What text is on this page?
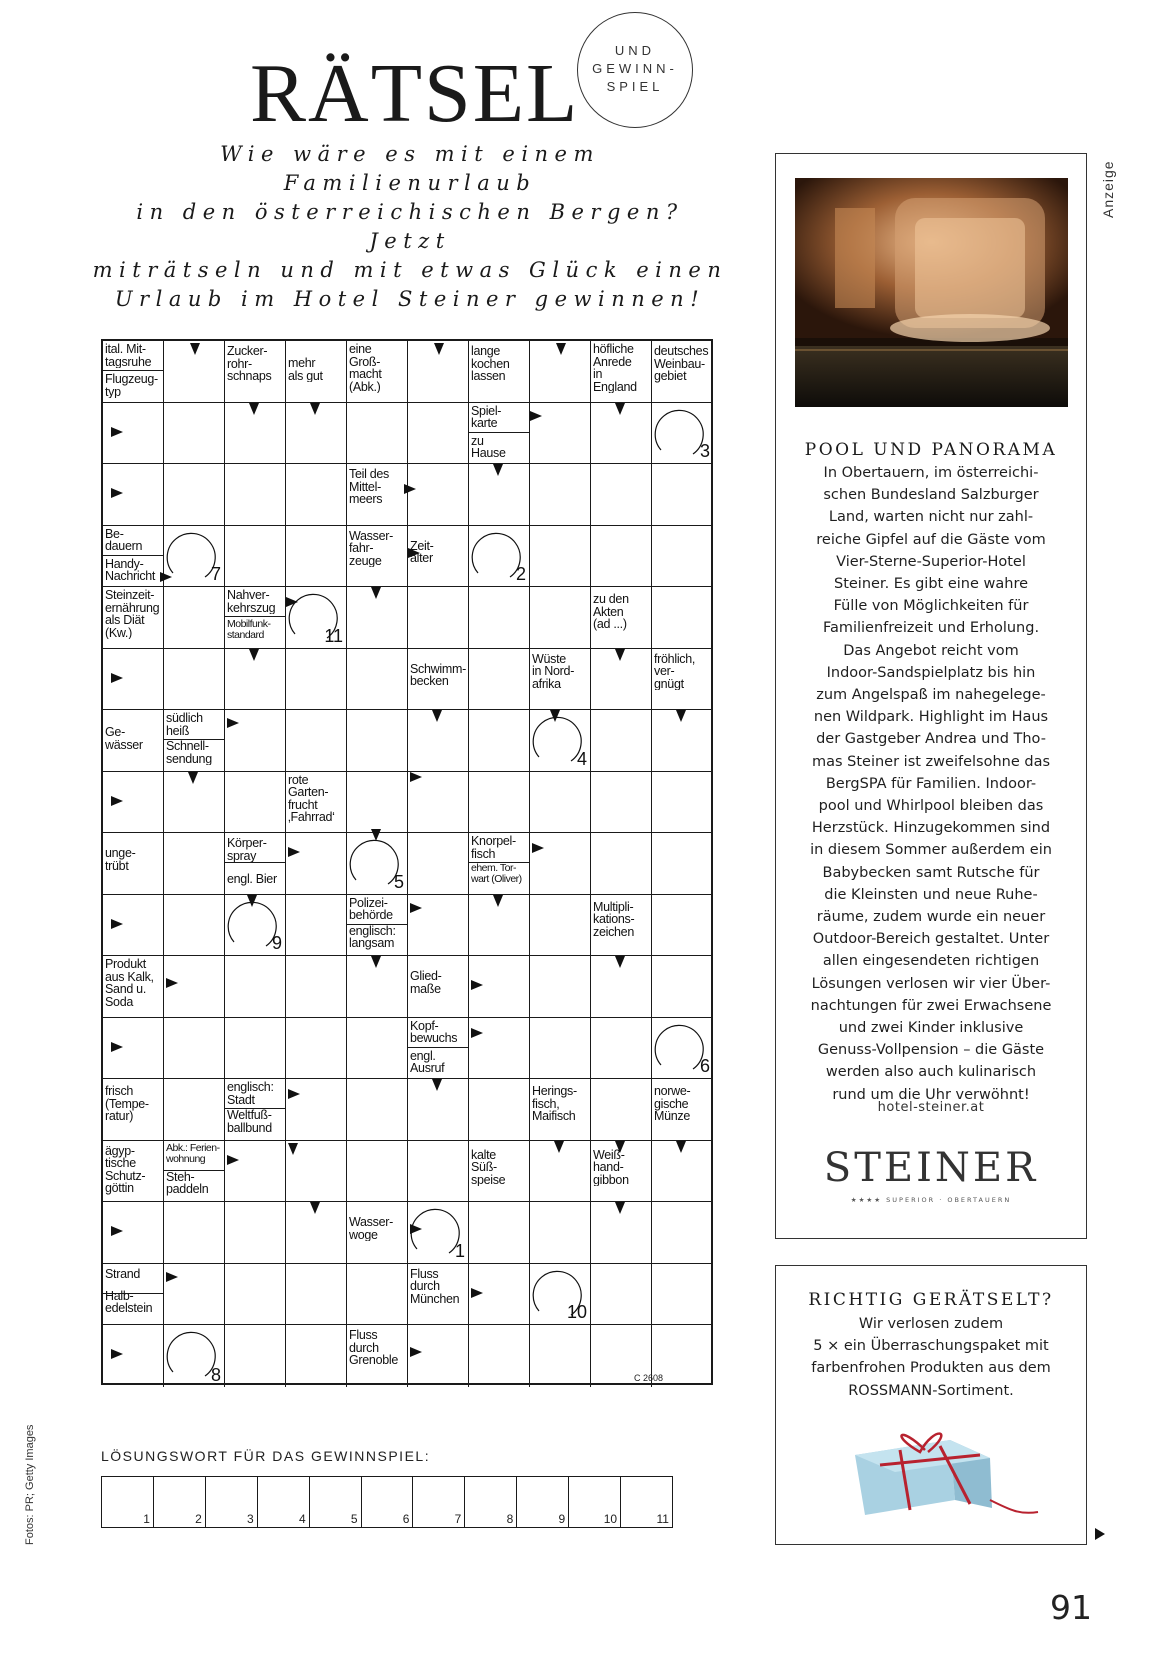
RÄTSEL	UND
GEWINN-
SPIEL
Wie wäre es mit einem Familienurlaub
in den österreichischen Bergen? Jetzt
miträtseln und mit etwas Glück einen
Urlaub im Hotel Steiner gewinnen!
ital. Mit-
tagsruhe
Flugzeug-
typ
Zucker-
rohr-
schnaps
mehr
als gut
eine
Groß-
macht
(Abk.)
lange
kochen
lassen
höfliche
Anrede
in
England
deutsches
Weinbau-
gebiet
Spiel-
karte
zu
Hause	3
Teil des
Mittel-
meers
Be-
dauern
Handy-
Nachricht	7
Wasser-
fahr-
zeuge
Zeit-
alter
2
Steinzeit-
ernährung
als Diät
(Kw.)
Nahver-
kehrszug
Mobilfunk-
standard	11
zu den
Akten
(ad ...)
Schwimm-
becken
Wüste
in Nord-
afrika
fröhlich,
ver-
gnügt
Ge-
wässer
südlich
heiß
Schnell-
sendung	4
rote
Garten-
frucht
‚Fahrrad‘
unge-
trübt
Körper-
spray
engl. Bier	5
Knorpel-
fisch
ehem. Tor-
wart (Oliver)
9
Polizei-
behörde
englisch:
langsam
Multipli-
kations-
zeichen
Produkt
aus Kalk,
Sand u.
Soda
Glied-
maße
Kopf-
bewuchs
engl.
Ausruf	6
frisch
(Tempe-
ratur)
englisch:
Stadt
Weltfuß-
ballbund
Herings-
fisch,
Maifisch
norwe-
gische
Münze
ägyp-
tische
Schutz-
göttin
Abk.: Ferien-
wohnung
Steh-
paddeln
kalte
Süß-
speise
Weiß-
hand-
gibbon
Wasser-
woge
1
Strand
Halb-
edelstein
Fluss
durch
München
10
8
Fluss
durch
Grenoble
C 2608
LÖSUNGSWORT FÜR DAS GEWINNSPIEL:
1	2	3	4	5	6	7	8	9	10	11
Fotos: PR; Getty Images
Anzeige
POOL UND PANORAMA
In Obertauern, im österreichi-
schen Bundesland Salzburger
Land, warten nicht nur zahl-
reiche Gipfel auf die Gäste vom
Vier-Sterne-Superior-Hotel
Steiner. Es gibt eine wahre
Fülle von Möglichkeiten für
Familienfreizeit und Erholung.
Das Angebot reicht vom
Indoor-Sandspielplatz bis hin
zum Angelspaß im nahegelege-
nen Wildpark. Highlight im Haus
der Gastgeber Andrea und Tho-
mas Steiner ist zweifelsohne das
BergSPA für Familien. Indoor-
pool und Whirlpool bleiben das
Herzstück. Hinzugekommen sind
in diesem Sommer außerdem ein
Babybecken samt Rutsche für
die Kleinsten und neue Ruhe-
räume, zudem wurde ein neuer
Outdoor-Bereich gestaltet. Unter
allen eingesendeten richtigen
Lösungen verlosen wir vier Über-
nachtungen für zwei Erwachsene
und zwei Kinder inklusive
Genuss-Vollpension – die Gäste
werden also auch kulinarisch
rund um die Uhr verwöhnt!
hotel-steiner.at
STEINER
★★★★ SUPERIOR · OBERTAUERN
RICHTIG GERÄTSELT?
Wir verlosen zudem
5 × ein Überraschungspaket mit
farbenfrohen Produkten aus dem
ROSSMANN-Sortiment.
91
